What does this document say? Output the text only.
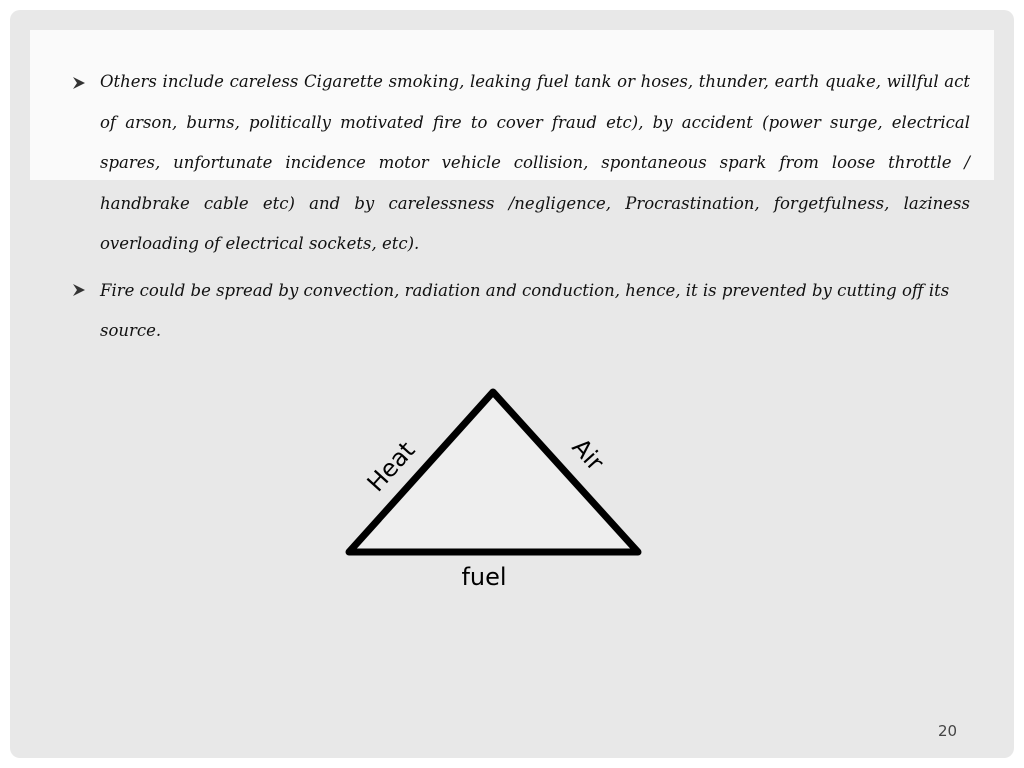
Others include careless Cigarette smoking, leaking fuel tank or hoses, thunder, earth quake, willful act of arson, burns, politically motivated fire to cover fraud etc), by accident (power surge, electrical spares, unfortunate incidence motor vehicle collision, spontaneous spark from loose throttle / handbrake cable etc) and by carelessness /negligence, Procrastination, forgetfulness, laziness overloading of electrical sockets, etc).
Fire could be spread by convection, radiation and conduction, hence, it is prevented by cutting off its source.
Heat	Air
fuel
20
